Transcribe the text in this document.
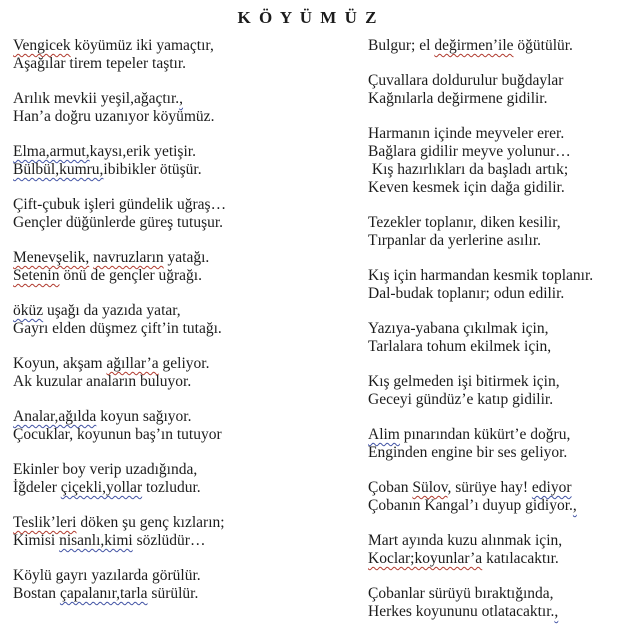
K Ö Y Ü M Ü Z
Vengicek köyümüz iki yamaçtır,
Aşağılar tirem tepeler taştır.
Arılık mevkii yeşil,ağaçtır.,
Han’a doğru uzanıyor köyümüz.
Elma,armut,kaysı,erik yetişir.
Bülbül,kumru,ibibikler ötüşür.
Çift-çubuk işleri gündelik uğraş…
Gençler düğünlerde güreş tutuşur.
Menevşelik, navruzların yatağı.
Setenin önü de gençler uğrağı.
öküz uşağı da yazıda yatar,
Gayrı elden düşmez çift’in tutağı.
Koyun, akşam ağıllar’a geliyor.
Ak kuzular anaların buluyor.
Analar,ağılda koyun sağıyor.
Çocuklar, koyunun baş’ın tutuyor
Ekinler boy verip uzadığında,
İğdeler çiçekli,yollar tozludur.
Teslik’leri döken şu genç kızların;
Kimisi nisanlı,kimi sözlüdür…
Köylü gayrı yazılarda görülür.
Bostan çapalanır,tarla sürülür.
Bulgur; el değirmen’ile öğütülür.
Çuvallara doldurulur buğdaylar
Kağnılarla değirmene gidilir.
Harmanın içinde meyveler erer.
Bağlara gidilir meyve yolunur…
Kış hazırlıkları da başladı artık;
Keven kesmek için dağa gidilir.
Tezekler toplanır, diken kesilir,
Tırpanlar da yerlerine asılır.
Kış için harmandan kesmik toplanır.
Dal-budak toplanır; odun edilir.
Yazıya-yabana çıkılmak için,
Tarlalara tohum ekilmek için,
Kış gelmeden işi bitirmek için,
Geceyi gündüz’e katıp gidilir.
Alim pınarından kükürt’e doğru,
Enginden engine bir ses geliyor.
Çoban Sülov, sürüye hay! ediyor
Çobanın Kangal’ı duyup gidiyor.,
Mart ayında kuzu alınmak için,
Koclar;koyunlar’a katılacaktır.
Çobanlar sürüyü bıraktığında,
Herkes koyununu otlatacaktır.,
